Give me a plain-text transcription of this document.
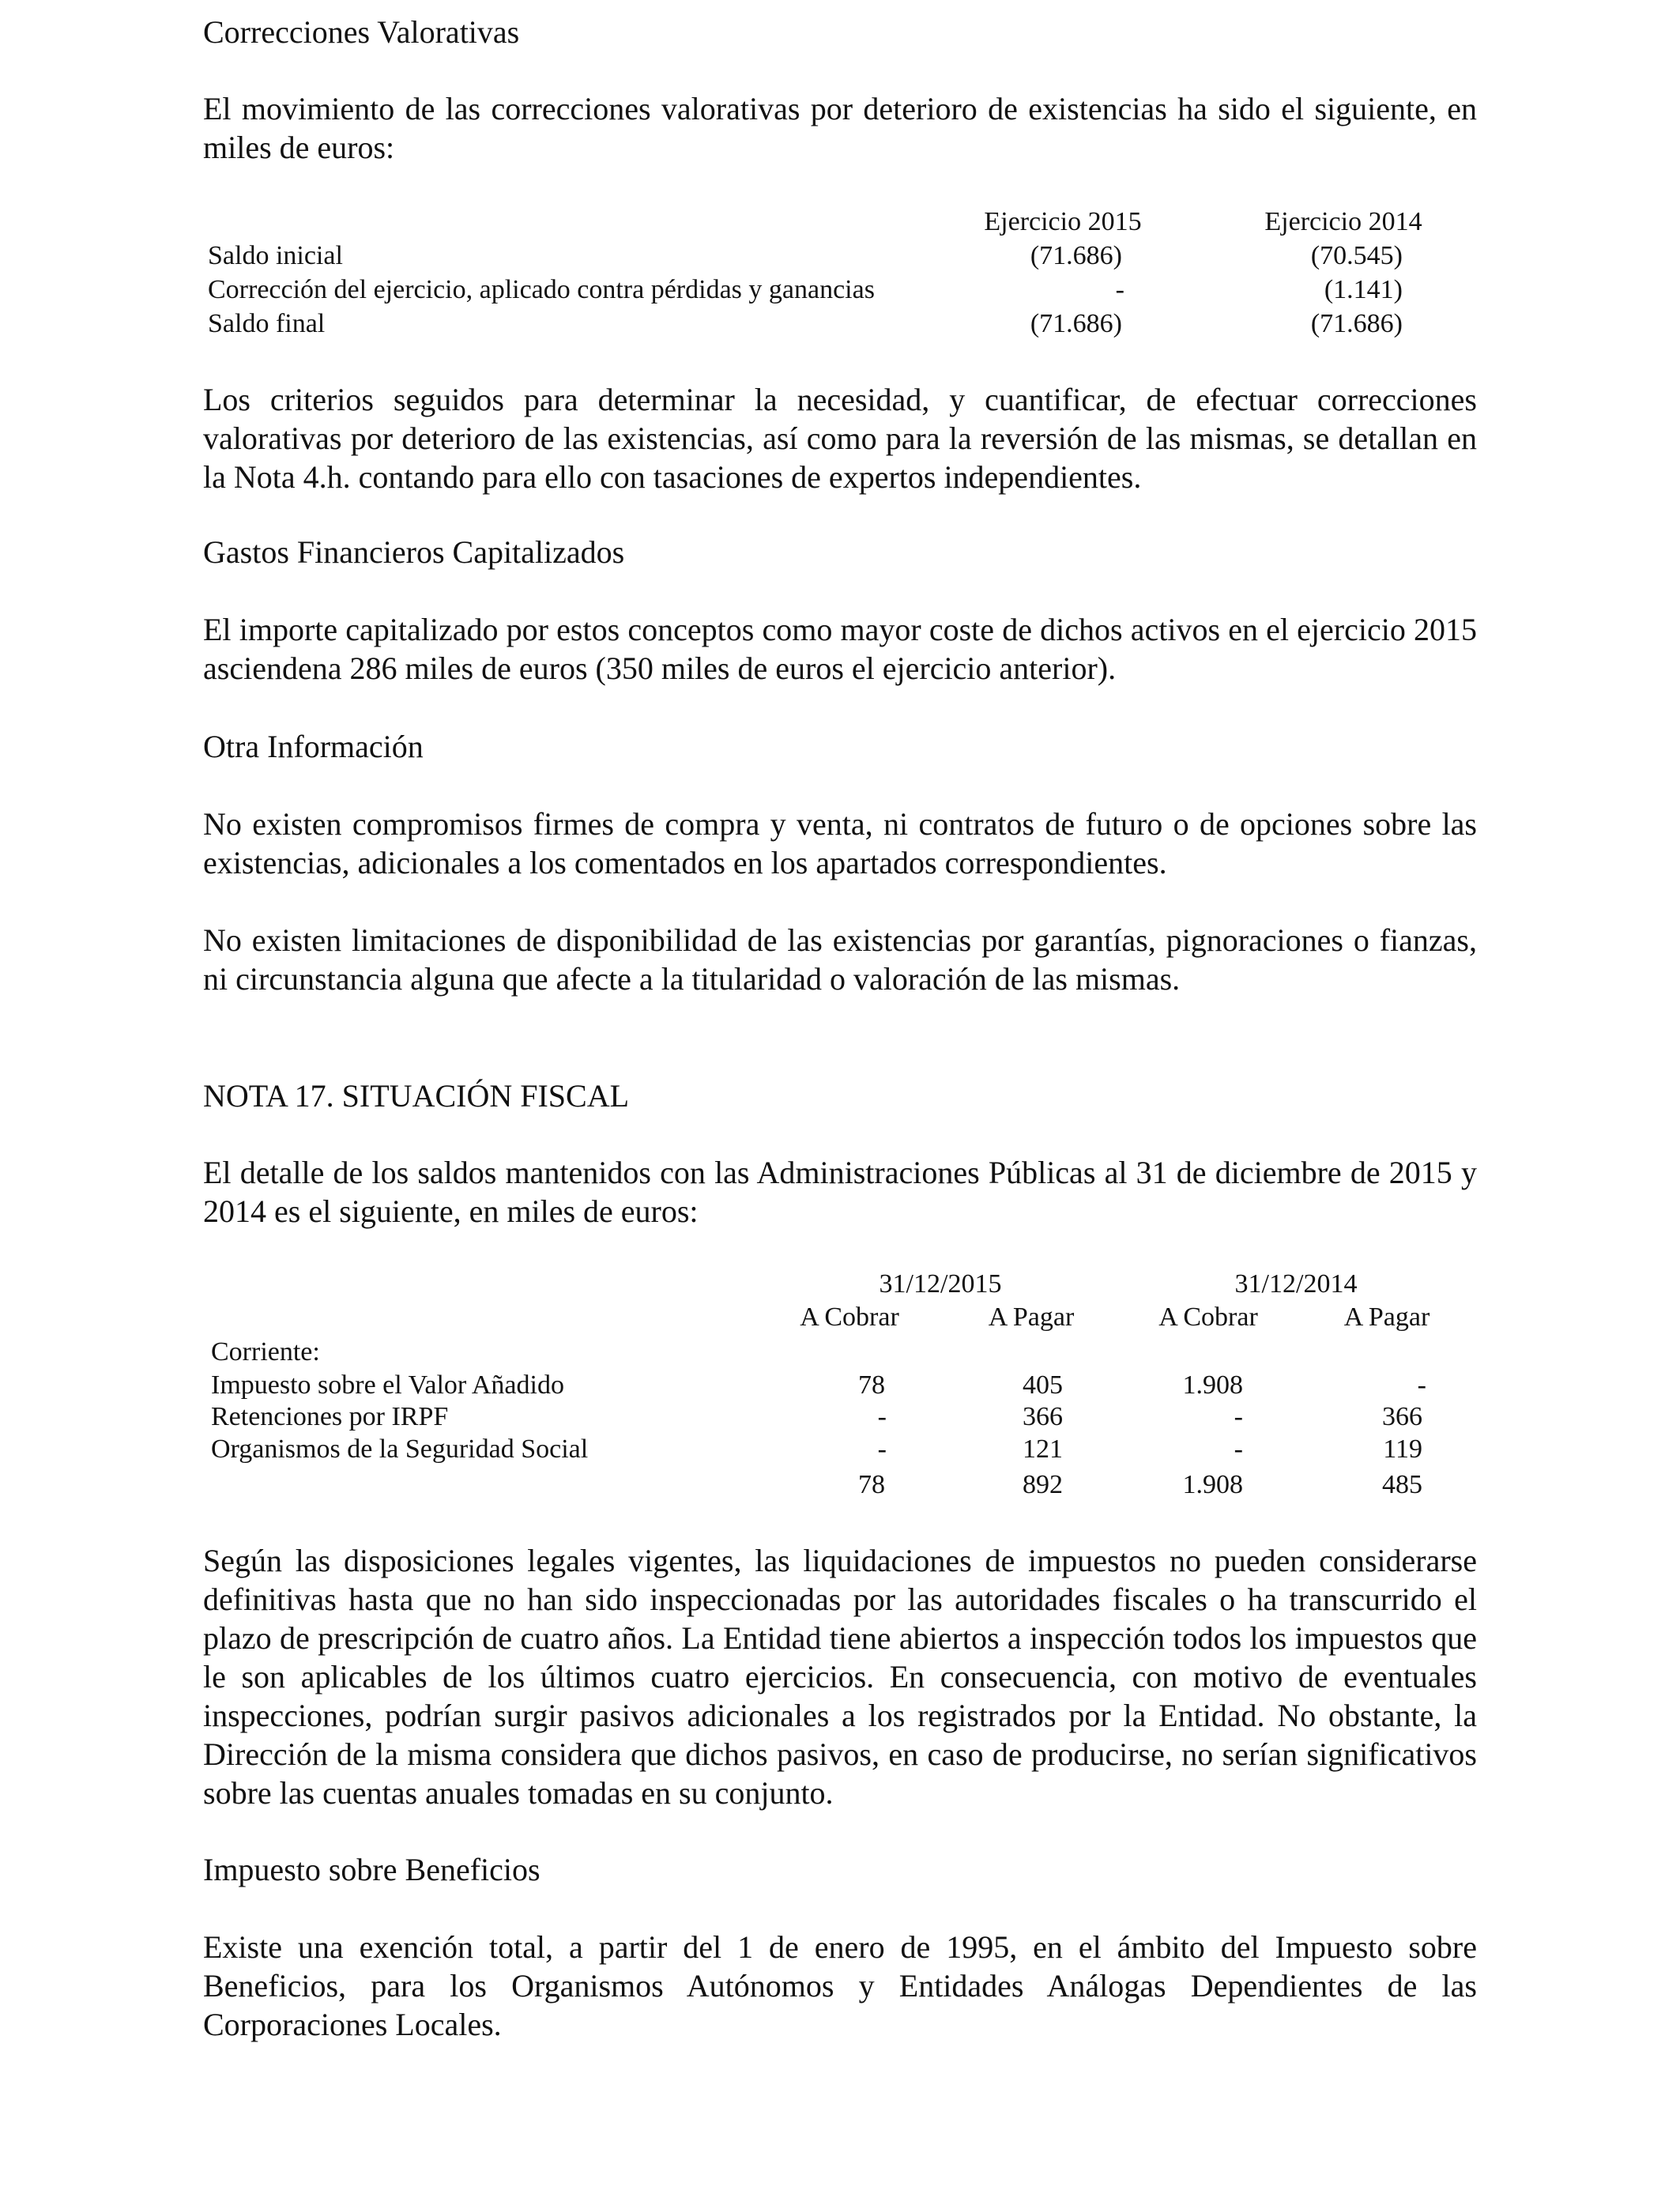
Correcciones Valorativas
El movimiento de las correcciones valorativas por deterioro de existencias ha sido el siguiente, en miles de euros:
Ejercicio 2015	Ejercicio 2014
Saldo inicial	(71.686)	(70.545)
Corrección del ejercicio, aplicado contra pérdidas y ganancias	-	(1.141)
Saldo final	(71.686)	(71.686)
Los criterios seguidos para determinar la necesidad, y cuantificar, de efectuar correcciones valorativas por deterioro de las existencias, así como para la reversión de las mismas, se detallan en la Nota 4.h. contando para ello con tasaciones de expertos independientes.
Gastos Financieros Capitalizados
El importe capitalizado por estos conceptos como mayor coste de dichos activos en el ejercicio 2015 asciendena 286 miles de euros (350 miles de euros el ejercicio anterior).
Otra Información
No existen compromisos firmes de compra y venta, ni contratos de futuro o de opciones sobre las existencias, adicionales a los comentados en los apartados correspondientes.
No existen limitaciones de disponibilidad de las existencias por garantías, pignoraciones o fianzas, ni circunstancia alguna que afecte a la titularidad o valoración de las mismas.
NOTA 17. SITUACIÓN FISCAL
El detalle de los saldos mantenidos con las Administraciones Públicas al 31 de diciembre de 2015 y 2014 es el siguiente, en miles de euros:
31/12/2015	31/12/2014
A Cobrar	A Pagar	A Cobrar	A Pagar
Corriente:
Impuesto sobre el Valor Añadido	78	405	1.908	-
Retenciones por IRPF	-	366	-	366
Organismos de la Seguridad Social	-	121	-	119
78	892	1.908	485
Según las disposiciones legales vigentes, las liquidaciones de impuestos no pueden considerarse definitivas hasta que no han sido inspeccionadas por las autoridades fiscales o ha transcurrido el plazo de prescripción de cuatro años. La Entidad tiene abiertos a inspección todos los impuestos que le son aplicables de los últimos cuatro ejercicios. En consecuencia, con motivo de eventuales inspecciones, podrían surgir pasivos adicionales a los registrados por la Entidad. No obstante, la Dirección de la misma considera que dichos pasivos, en caso de producirse, no serían significativos sobre las cuentas anuales tomadas en su conjunto.
Impuesto sobre Beneficios
Existe una exención total, a partir del 1 de enero de 1995, en el ámbito del Impuesto sobre Beneficios, para los Organismos Autónomos y Entidades Análogas Dependientes de las Corporaciones Locales.
